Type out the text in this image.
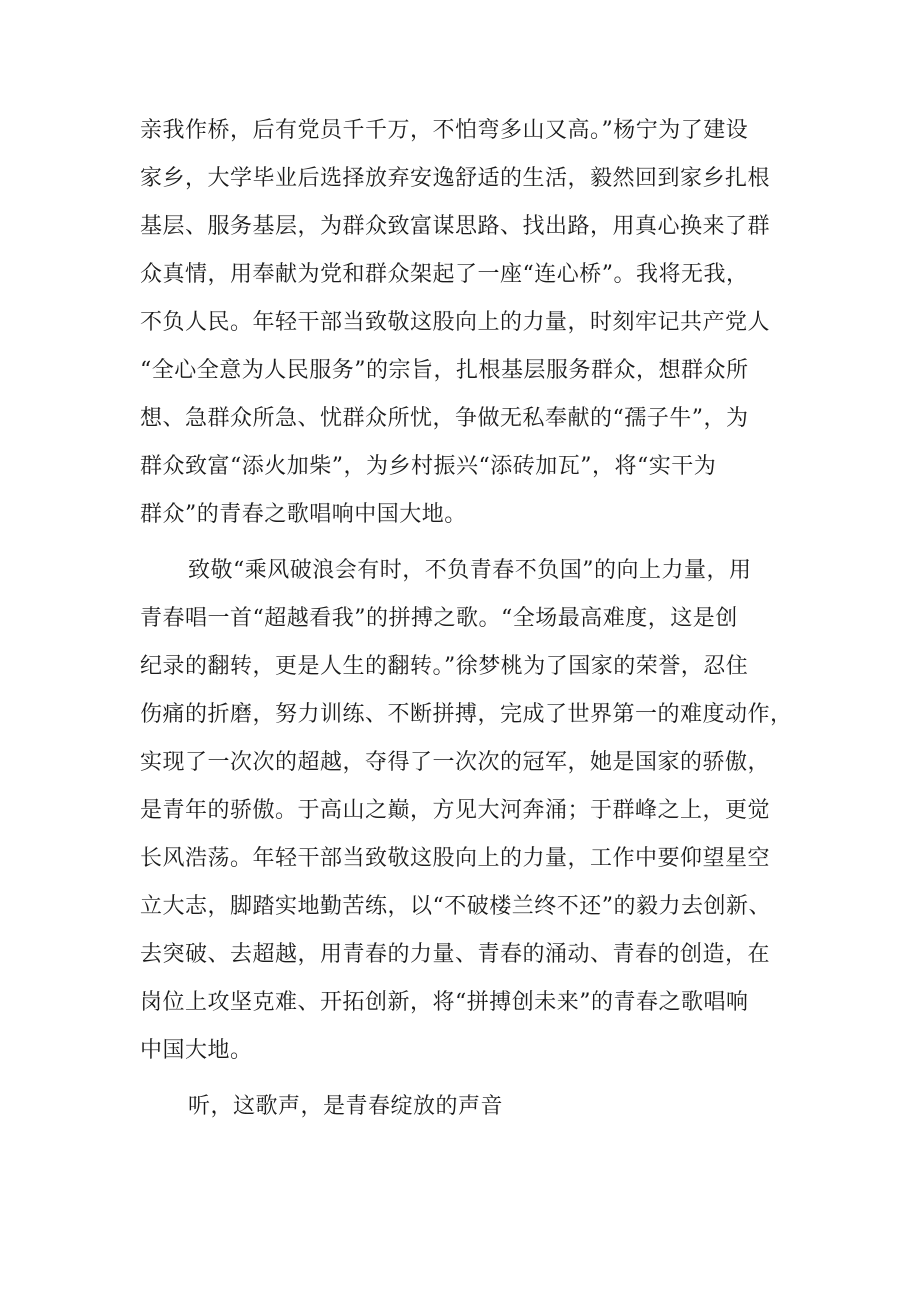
亲我作桥，后有党员千千万，不怕弯多山又高。”杨宁为了建设
家乡，大学毕业后选择放弃安逸舒适的生活，毅然回到家乡扎根
基层、服务基层，为群众致富谋思路、找出路，用真心换来了群
众真情，用奉献为党和群众架起了一座“连心桥”。我将无我，
不负人民。年轻干部当致敬这股向上的力量，时刻牢记共产党人
“全心全意为人民服务”的宗旨，扎根基层服务群众，想群众所
想、急群众所急、忧群众所忧，争做无私奉献的“孺子牛”，为
群众致富“添火加柴”，为乡村振兴“添砖加瓦”，将“实干为
群众”的青春之歌唱响中国大地。
致敬“乘风破浪会有时，不负青春不负国”的向上力量，用
青春唱一首“超越看我”的拼搏之歌。“全场最高难度，这是创
纪录的翻转，更是人生的翻转。”徐梦桃为了国家的荣誉，忍住
伤痛的折磨，努力训练、不断拼搏，完成了世界第一的难度动作，
实现了一次次的超越，夺得了一次次的冠军，她是国家的骄傲，
是青年的骄傲。于高山之巅，方见大河奔涌；于群峰之上，更觉
长风浩荡。年轻干部当致敬这股向上的力量，工作中要仰望星空
立大志，脚踏实地勤苦练，以“不破楼兰终不还”的毅力去创新、
去突破、去超越，用青春的力量、青春的涌动、青春的创造，在
岗位上攻坚克难、开拓创新，将“拼搏创未来”的青春之歌唱响
中国大地。
听，这歌声，是青春绽放的声音
